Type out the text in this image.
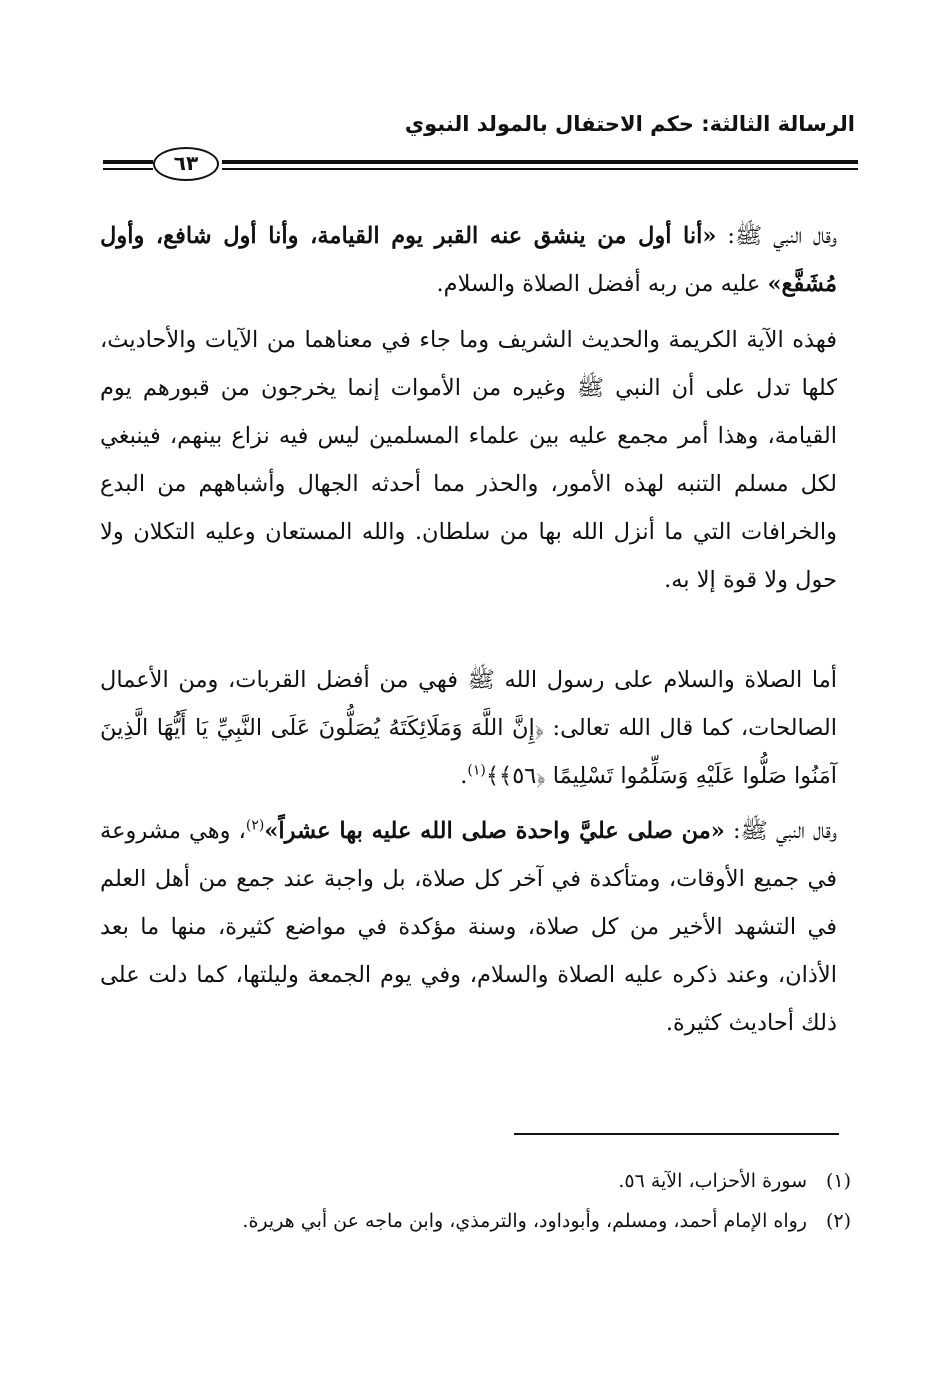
الرسالة الثالثة: حكم الاحتفال بالمولد النبوي
٦٣

وقال النبي ﷺ: «أنا أول من ينشق عنه القبر يوم القيامة، وأنا أول شافع، وأول مُشَفَّع» عليه من ربه أفضل الصلاة والسلام.

فهذه الآية الكريمة والحديث الشريف وما جاء في معناهما من الآيات والأحاديث، كلها تدل على أن النبي ﷺ وغيره من الأموات إنما يخرجون من قبورهم يوم القيامة، وهذا أمر مجمع عليه بين علماء المسلمين ليس فيه نزاع بينهم، فينبغي لكل مسلم التنبه لهذه الأمور، والحذر مما أحدثه الجهال وأشباههم من البدع والخرافات التي ما أنزل الله بها من سلطان. والله المستعان وعليه التكلان ولا حول ولا قوة إلا به.

أما الصلاة والسلام على رسول الله ﷺ فهي من أفضل القربات، ومن الأعمال الصالحات، كما قال الله تعالى: ﴿إِنَّ اللَّهَ وَمَلَائِكَتَهُ يُصَلُّونَ عَلَى النَّبِيِّ يَا أَيُّهَا الَّذِينَ آمَنُوا صَلُّوا عَلَيْهِ وَسَلِّمُوا تَسْلِيمًا ﴿٥٦﴾﴾$^{(١)}$.

وقال النبي ﷺ: «من صلى عليَّ واحدة صلى الله عليه بها عشراً»$^{(٢)}$، وهي مشروعة في جميع الأوقات، ومتأكدة في آخر كل صلاة، بل واجبة عند جمع من أهل العلم في التشهد الأخير من كل صلاة، وسنة مؤكدة في مواضع كثيرة، منها ما بعد الأذان، وعند ذكره عليه الصلاة والسلام، وفي يوم الجمعة وليلتها، كما دلت على ذلك أحاديث كثيرة.

(١)سورة الأحزاب، الآية ٥٦.
(٢)رواه الإمام أحمد، ومسلم، وأبوداود، والترمذي، وابن ماجه عن أبي هريرة.
